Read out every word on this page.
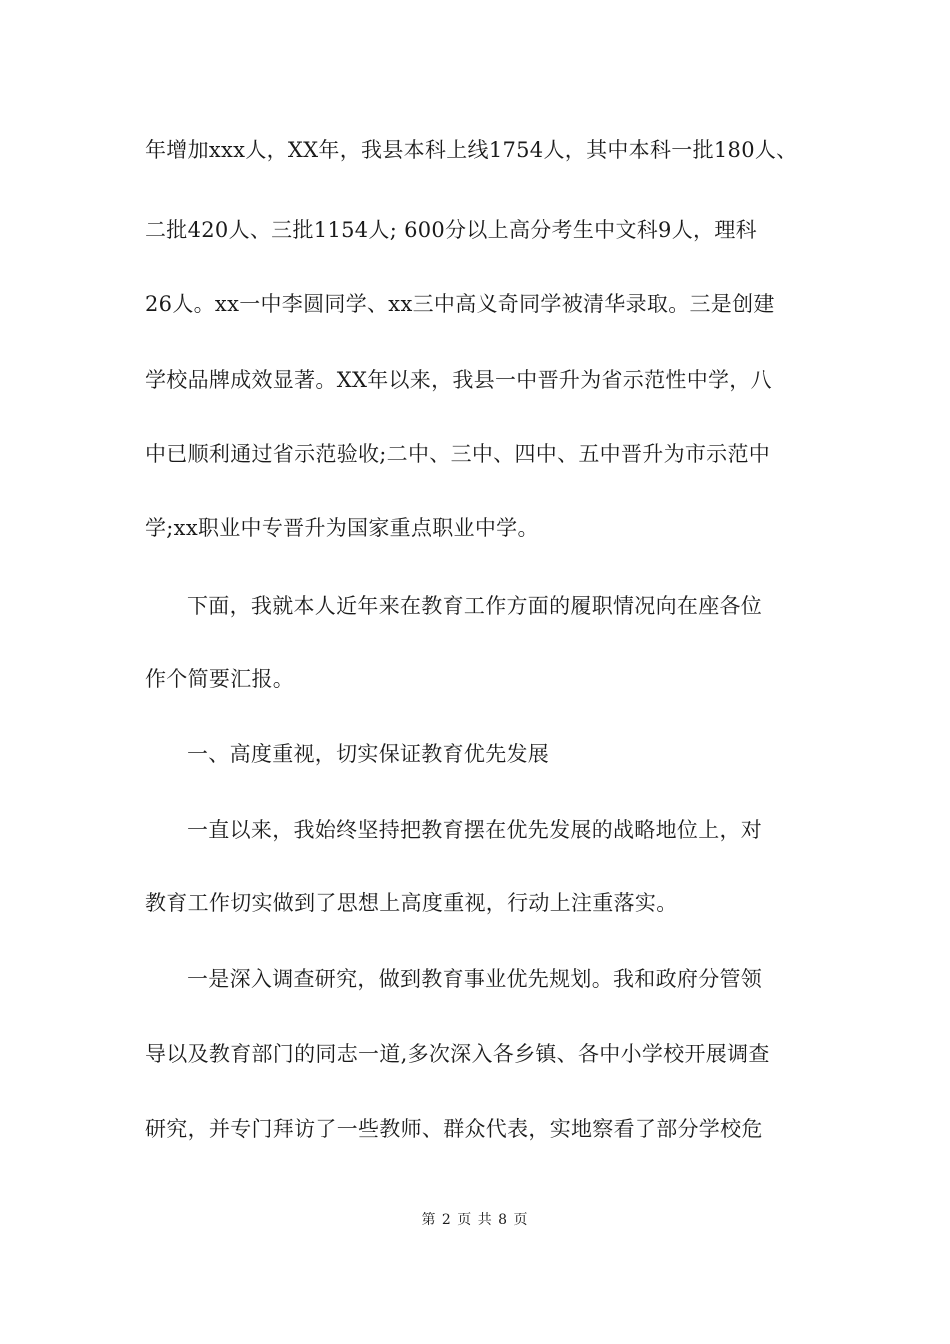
年增加xxx人，XX年，我县本科上线1754人，其中本科一批180人、
二批420人、三批1154人; 600分以上高分考生中文科9人，理科
26人。xx一中李圆同学、xx三中高义奇同学被清华录取。三是创建
学校品牌成效显著。XX年以来，我县一中晋升为省示范性中学，八
中已顺利通过省示范验收;二中、三中、四中、五中晋升为市示范中
学;xx职业中专晋升为国家重点职业中学。
下面，我就本人近年来在教育工作方面的履职情况向在座各位
作个简要汇报。
一、高度重视，切实保证教育优先发展
一直以来，我始终坚持把教育摆在优先发展的战略地位上，对
教育工作切实做到了思想上高度重视，行动上注重落实。
一是深入调查研究，做到教育事业优先规划。我和政府分管领
导以及教育部门的同志一道,多次深入各乡镇、各中小学校开展调查
研究，并专门拜访了一些教师、群众代表，实地察看了部分学校危
第 2 页 共 8 页
